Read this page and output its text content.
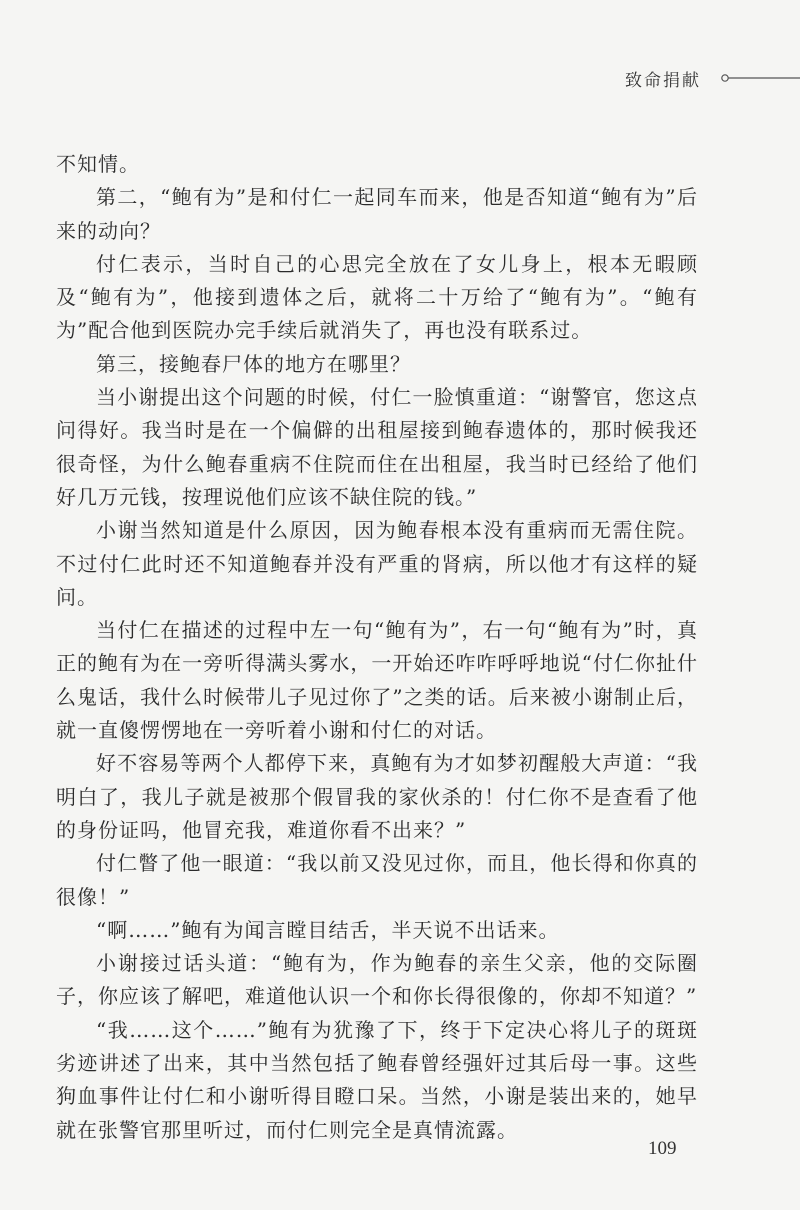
致命捐献

不知情。

第二，“鲍有为”是和付仁一起同车而来，他是否知道“鲍有为”后来的动向？

付仁表示，当时自己的心思完全放在了女儿身上，根本无暇顾及“鲍有为”，他接到遗体之后，就将二十万给了“鲍有为”。“鲍有为”配合他到医院办完手续后就消失了，再也没有联系过。

第三，接鲍春尸体的地方在哪里？

当小谢提出这个问题的时候，付仁一脸慎重道：“谢警官，您这点问得好。我当时是在一个偏僻的出租屋接到鲍春遗体的，那时候我还很奇怪，为什么鲍春重病不住院而住在出租屋，我当时已经给了他们好几万元钱，按理说他们应该不缺住院的钱。”

小谢当然知道是什么原因，因为鲍春根本没有重病而无需住院。不过付仁此时还不知道鲍春并没有严重的肾病，所以他才有这样的疑问。

当付仁在描述的过程中左一句“鲍有为”，右一句“鲍有为”时，真正的鲍有为在一旁听得满头雾水，一开始还咋咋呼呼地说“付仁你扯什么鬼话，我什么时候带儿子见过你了”之类的话。后来被小谢制止后，就一直傻愣愣地在一旁听着小谢和付仁的对话。

好不容易等两个人都停下来，真鲍有为才如梦初醒般大声道：“我明白了，我儿子就是被那个假冒我的家伙杀的！付仁你不是查看了他的身份证吗，他冒充我，难道你看不出来？”

付仁瞥了他一眼道：“我以前又没见过你，而且，他长得和你真的很像！”

“啊……”鲍有为闻言瞠目结舌，半天说不出话来。

小谢接过话头道：“鲍有为，作为鲍春的亲生父亲，他的交际圈子，你应该了解吧，难道他认识一个和你长得很像的，你却不知道？”

“我……这个……”鲍有为犹豫了下，终于下定决心将儿子的斑斑劣迹讲述了出来，其中当然包括了鲍春曾经强奸过其后母一事。这些狗血事件让付仁和小谢听得目瞪口呆。当然，小谢是装出来的，她早就在张警官那里听过，而付仁则完全是真情流露。

109
